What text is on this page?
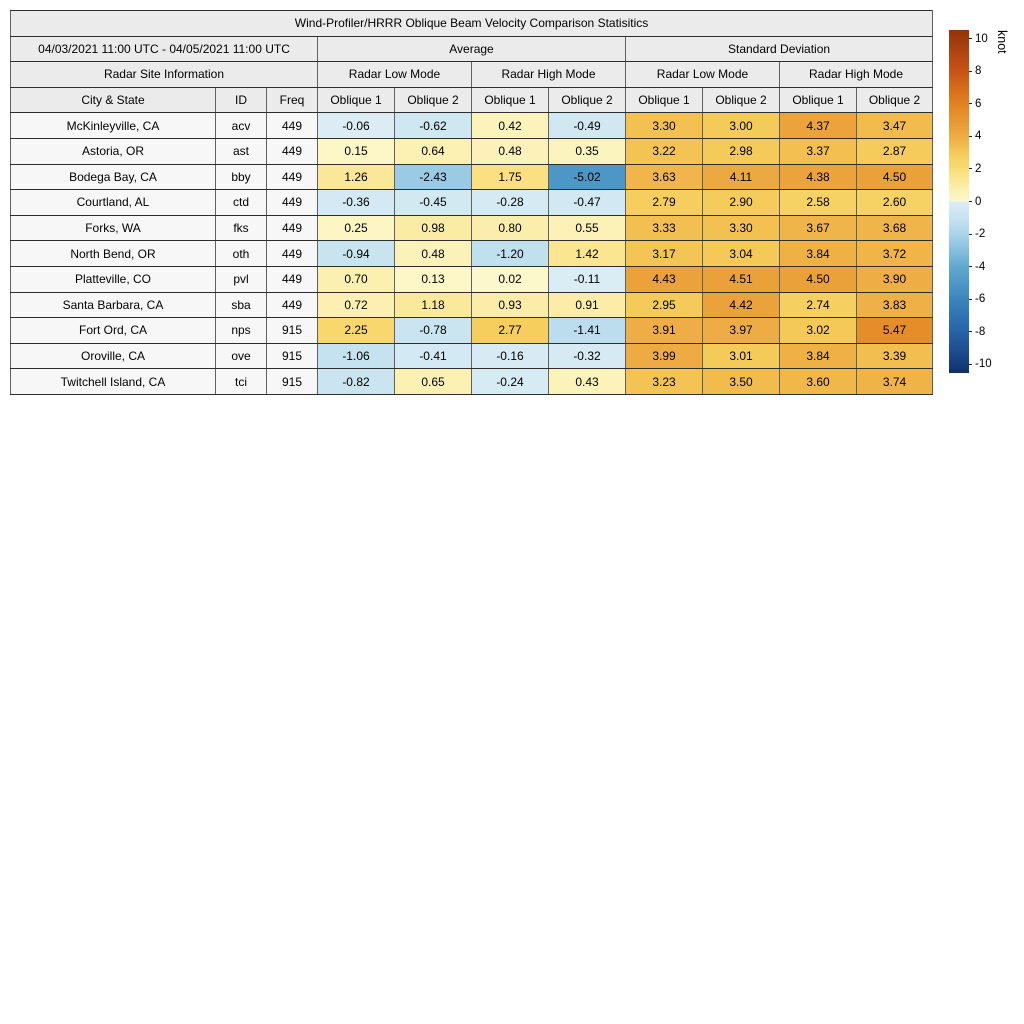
Wind-Profiler/HRRR Oblique Beam Velocity Comparison Statisitics										
04/03/2021 11:00 UTC - 04/05/2021 11:00 UTC			Average				Standard Deviation			
Radar Site Information			Radar Low Mode		Radar High Mode		Radar Low Mode		Radar High Mode	
City & State	ID	Freq	Oblique 1	Oblique 2	Oblique 1	Oblique 2	Oblique 1	Oblique 2	Oblique 1	Oblique 2
McKinleyville, CA	acv	449	-0.06	-0.62	0.42	-0.49	3.30	3.00	4.37	3.47
Astoria, OR	ast	449	0.15	0.64	0.48	0.35	3.22	2.98	3.37	2.87
Bodega Bay, CA	bby	449	1.26	-2.43	1.75	-5.02	3.63	4.11	4.38	4.50
Courtland, AL	ctd	449	-0.36	-0.45	-0.28	-0.47	2.79	2.90	2.58	2.60
Forks, WA	fks	449	0.25	0.98	0.80	0.55	3.33	3.30	3.67	3.68
North Bend, OR	oth	449	-0.94	0.48	-1.20	1.42	3.17	3.04	3.84	3.72
Platteville, CO	pvl	449	0.70	0.13	0.02	-0.11	4.43	4.51	4.50	3.90
Santa Barbara, CA	sba	449	0.72	1.18	0.93	0.91	2.95	4.42	2.74	3.83
Fort Ord, CA	nps	915	2.25	-0.78	2.77	-1.41	3.91	3.97	3.02	5.47
Oroville, CA	ove	915	-1.06	-0.41	-0.16	-0.32	3.99	3.01	3.84	3.39
Twitchell Island, CA	tci	915	-0.82	0.65	-0.24	0.43	3.23	3.50	3.60	3.74
10
8
6
4
2
0
-2
-4
-6
-8
-10
knot
